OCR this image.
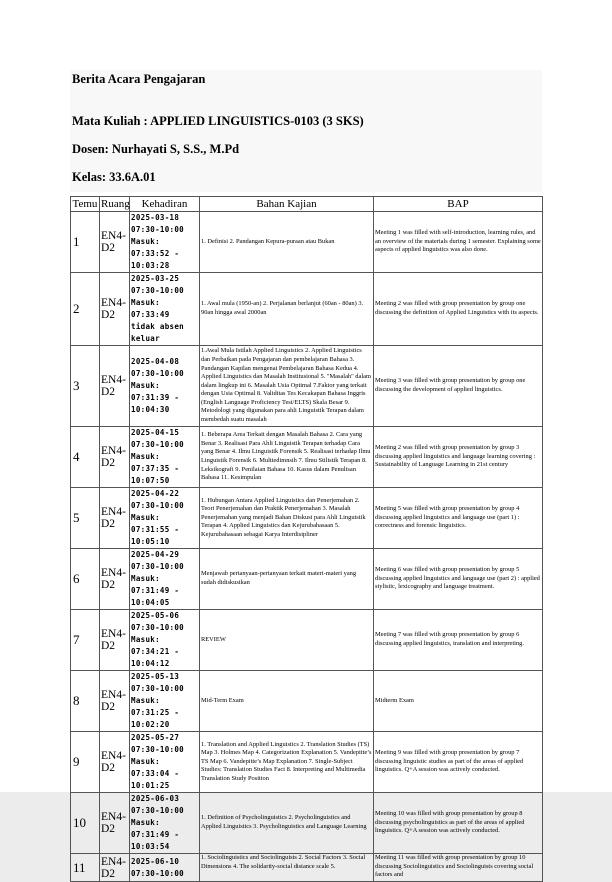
Berita Acara Pengajaran
Mata Kuliah : APPLIED LINGUISTICS-0103 (3 SKS)
Dosen: Nurhayati S, S.S., M.Pd
Kelas: 33.6A.01
Temu	Ruang	Kehadiran	Bahan Kajian	BAP

1	EN4-D2	2025-03-18 07:30-10:00
Masuk: 07:33:52 - 10:03:28	1. Definisi 2. Pandangan Kepura-puraan atau Bukan	Meeting 1 was filled with self-introduction, learning rules, and an overview of the materials during 1 semester. Explaining some aspects of applied linguistics was also done.

2	EN4-D2	2025-03-25 07:30-10:00
Masuk: 07:33:49
tidak absen keluar	1. Awal mula (1950-an) 2. Perjalanan berlanjut (60an - 80an) 3. 90an hingga awal 2000an	Meeting 2 was filled with group presentation by group one discussing the definition of Applied Linguistics with its aspects.

3	EN4-D2	2025-04-08 07:30-10:00
Masuk: 07:31:39 - 10:04:30	1.Awal Mula Istilah Applied Linguistics 2. Applied Linguistics dan Perbaikan pada Pengajaran dan pembelajaran Bahasa 3. Pandangan Kapilan mengenai Pembelajaran Bahasa Kedua 4. Applied Linguistics dan Masalah Institusional 5. "Masalah" dalam dalam lingkup ini 6. Masalah Usia Optimal 7.Faktor yang terkait dengan Usia Optimal 8. Validitas Tes Kecakapan Bahasa Inggris (English Language Proficiency Test/ELTS) Skala Besar 9. Metodologi yang digunakan para ahli Linguistik Terapan dalam membedah suatu masalah	Meeting 3 was filled with group presentation by group one discussing the development of applied linguistics.

4	EN4-D2	2025-04-15 07:30-10:00
Masuk: 07:37:35 - 10:07:50	1. Beberapa Area Terkait dengan Masalah Bahasa 2. Cara yang Benar 3. Realisasi Para Ahli Linguistik Terapan terhadap Cara yang Benar 4. Ilmu Linguistik Forensik 5. Realisasi terhadap Ilmu Linguistik Forensik 6. Multiedimnsih 7. Ilmu Stilistik Terapan 8. Leksikografi 9. Penilaian Bahasa 10. Kasus dalam Penulisan Bahasa 11. Kesimpulan	Meeting 2 was filled with group presentation by group 3 discussing applied linguistics and language learning covering : Sustainability of Language Learning in 21st century

5	EN4-D2	2025-04-22 07:30-10:00
Masuk: 07:31:55 - 10:05:10	1. Hubungan Antara Applied Linguistics dan Penerjemahan 2. Teori Penerjemahan dan Praktik Penerjemahan 3. Masalah Penerjemahan yang menjadi Bahan Diskusi para Ahli Linguistik Terapan 4. Applied Linguistics dan Kejurubahasaan 5. Kejurubahasaan sebagai Karya Interdisipliner	Meeting 5 was filled with group presentation by group 4 discussing applied linguistics and language use (part 1) : correctness and forensic linguistics.

6	EN4-D2	2025-04-29 07:30-10:00
Masuk: 07:31:49 - 10:04:05	Menjawab pertanyaan-pertanyaan terkait materi-materi yang sudah didiskusikan	Meeting 6 was filled with group presentation by group 5 discussing applied linguistics and language use (part 2) : applied stylistic, lexicography and language treatment.

7	EN4-D2	2025-05-06 07:30-10:00
Masuk: 07:34:21 - 10:04:12	REVIEW	Meeting 7 was filled with group presentation by group 6 discussing applied linguistics, translation and interpreting.

8	EN4-D2	2025-05-13 07:30-10:00
Masuk: 07:31:25 - 10:02:20	Mid-Term Exam	Midterm Exam

9	EN4-D2	2025-05-27 07:30-10:00
Masuk: 07:33:04 - 10:01:25	1. Translation and Applied Linguistics 2. Translation Studies (TS) Map 3. Holmes Map 4. Categorization Explanation 5. Vandepitte’s TS Map 6. Vandepitte’s Map Explanation 7. Single-Subject Studies: Translation Studies Fact 8. Interpreting and Multimedia Translation Study Position	Meeting 9 was filled with group presentation by group 7 discussing linguistic studies as part of the areas of applied linguistics. Q+A session was actively conducted.

10	EN4-D2	2025-06-03 07:30-10:00
Masuk: 07:31:49 - 10:03:54	1. Definition of Psycholinguistics 2. Psycholinguistics and Applied Linguistics 3. Psycholinguistics and Language Learning	Meeting 10 was filled with group presentation by group 8 discussing psycholinguistics as part of the areas of applied linguistics. Q+A session was actively conducted.

11	EN4-D2	2025-06-10 07:30-10:00	1. Sociolinguistics and Sociolinguists 2. Social Factors 3. Social Dimensions 4. The solidarity-social distance scale 5.	Meeting 11 was filled with group presentation by group 10 discussing Sociolinguistics and Sociolinguists covering social factors and
